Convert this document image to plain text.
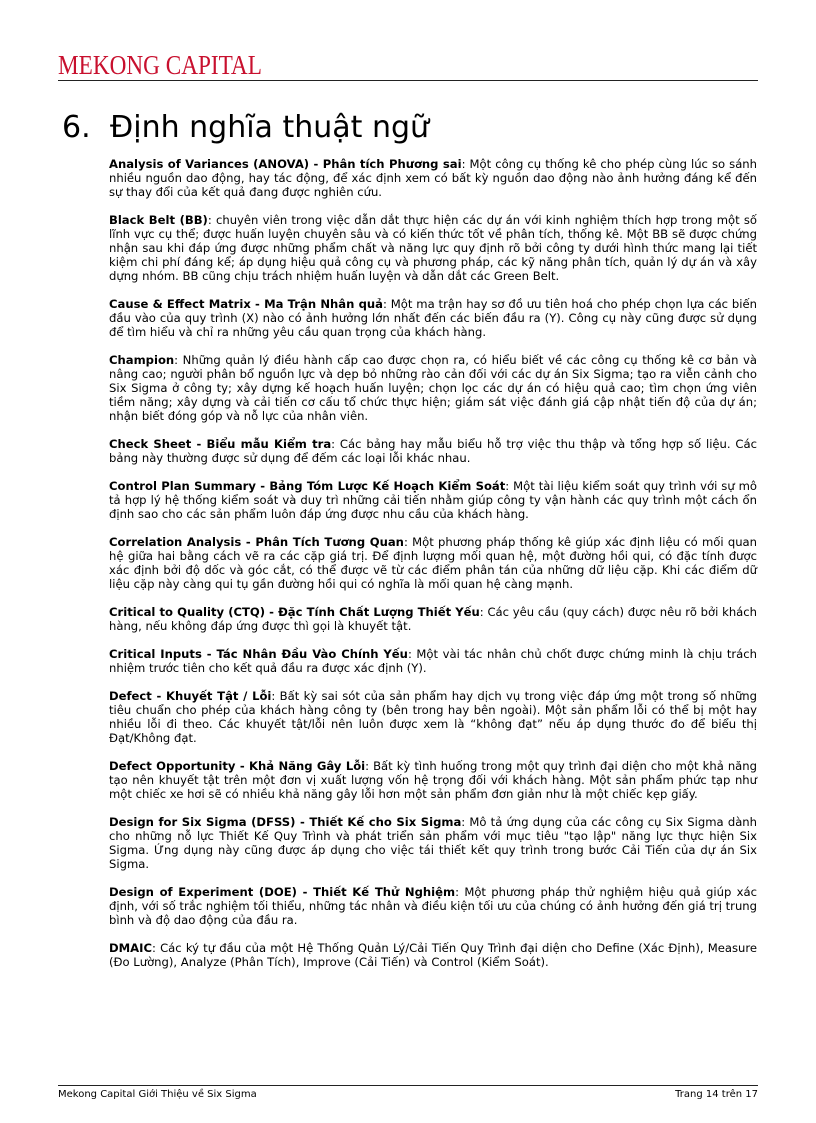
MEKONG CAPITAL
6. Định nghĩa thuật ngữ

Analysis of Variances (ANOVA) - Phân tích Phương sai: Một công cụ thống kê cho phép cùng lúc so sánh nhiều nguồn dao động, hay tác động, để xác định xem có bất kỳ nguồn dao động nào ảnh hưởng đáng kể đến sự thay đổi của kết quả đang được nghiên cứu.

Black Belt (BB): chuyên viên trong việc dẫn dắt thực hiện các dự án với kinh nghiệm thích hợp trong một số lĩnh vực cụ thể; được huấn luyện chuyên sâu và có kiến thức tốt về phân tích, thống kê. Một BB sẽ được chứng nhận sau khi đáp ứng được những phẩm chất và năng lực quy định rõ bởi công ty dưới hình thức mang lại tiết kiệm chi phí đáng kể; áp dụng hiệu quả công cụ và phương pháp, các kỹ năng phân tích, quản lý dự án và xây dựng nhóm. BB cũng chịu trách nhiệm huấn luyện và dẫn dắt các Green Belt.

Cause & Effect Matrix - Ma Trận Nhân quả: Một ma trận hay sơ đồ ưu tiên hoá cho phép chọn lựa các biến đầu vào của quy trình (X) nào có ảnh hưởng lớn nhất đến các biến đầu ra (Y). Công cụ này cũng được sử dụng để tìm hiểu và chỉ ra những yêu cầu quan trọng của khách hàng.

Champion: Những quản lý điều hành cấp cao được chọn ra, có hiểu biết về các công cụ thống kê cơ bản và nâng cao; người phân bổ nguồn lực và dẹp bỏ những rào cản đối với các dự án Six Sigma; tạo ra viễn cảnh cho Six Sigma ở công ty; xây dựng kế hoạch huấn luyện; chọn lọc các dự án có hiệu quả cao; tìm chọn ứng viên tiềm năng; xây dựng và cải tiến cơ cấu tổ chức thực hiện; giám sát việc đánh giá cập nhật tiến độ của dự án; nhận biết đóng góp và nỗ lực của nhân viên.

Check Sheet - Biểu mẫu Kiểm tra: Các bảng hay mẫu biểu hỗ trợ việc thu thập và tổng hợp số liệu. Các bảng này thường được sử dụng để đếm các loại lỗi khác nhau.

Control Plan Summary - Bảng Tóm Lược Kế Hoạch Kiểm Soát: Một tài liệu kiểm soát quy trình với sự mô tả hợp lý hệ thống kiểm soát và duy trì những cải tiến nhằm giúp công ty vận hành các quy trình một cách ổn định sao cho các sản phẩm luôn đáp ứng được nhu cầu của khách hàng.

Correlation Analysis - Phân Tích Tương Quan: Một phương pháp thống kê giúp xác định liệu có mối quan hệ giữa hai bằng cách vẽ ra các cặp giá trị. Để định lượng mối quan hệ, một đường hồi qui, có đặc tính được xác định bởi độ dốc và góc cắt, có thể được vẽ từ các điểm phân tán của những dữ liệu cặp. Khi các điểm dữ liệu cặp này càng qui tụ gần đường hồi qui có nghĩa là mối quan hệ càng mạnh.

Critical to Quality (CTQ) - Đặc Tính Chất Lượng Thiết Yếu: Các yêu cầu (quy cách) được nêu rõ bởi khách hàng, nếu không đáp ứng được thì gọi là khuyết tật.

Critical Inputs - Tác Nhân Đầu Vào Chính Yếu: Một vài tác nhân chủ chốt được chứng minh là chịu trách nhiệm trước tiên cho kết quả đầu ra được xác định (Y).

Defect - Khuyết Tật / Lỗi: Bất kỳ sai sót của sản phẩm hay dịch vụ trong việc đáp ứng một trong số những tiêu chuẩn cho phép của khách hàng công ty (bên trong hay bên ngoài). Một sản phẩm lỗi có thể bị một hay nhiều lỗi đi theo. Các khuyết tật/lỗi nên luôn được xem là “không đạt” nếu áp dụng thước đo để biểu thị Đạt/Không đạt.

Defect Opportunity - Khả Năng Gây Lỗi: Bất kỳ tình huống trong một quy trình đại diện cho một khả năng tạo nên khuyết tật trên một đơn vị xuất lượng vốn hệ trọng đối với khách hàng. Một sản phẩm phức tạp như một chiếc xe hơi sẽ có nhiều khả năng gây lỗi hơn một sản phẩm đơn giản như là một chiếc kẹp giấy.

Design for Six Sigma (DFSS) - Thiết Kế cho Six Sigma: Mô tả ứng dụng của các công cụ Six Sigma dành cho những nỗ lực Thiết Kế Quy Trình và phát triển sản phẩm với mục tiêu "tạo lập" năng lực thực hiện Six Sigma. Ứng dụng này cũng được áp dụng cho việc tái thiết kết quy trình trong bước Cải Tiến của dự án Six Sigma.

Design of Experiment (DOE) - Thiết Kế Thử Nghiệm: Một phương pháp thử nghiệm hiệu quả giúp xác định, với số trắc nghiệm tối thiểu, những tác nhân và điều kiện tối ưu của chúng có ảnh hưởng đến giá trị trung bình và độ dao động của đầu ra.

DMAIC: Các ký tự đầu của một Hệ Thống Quản Lý/Cải Tiến Quy Trình đại diện cho Define (Xác Định), Measure (Đo Lường), Analyze (Phân Tích), Improve (Cải Tiến) và Control (Kiểm Soát).

Mekong Capital Giới Thiệu về Six Sigma	Trang 14 trên 17
